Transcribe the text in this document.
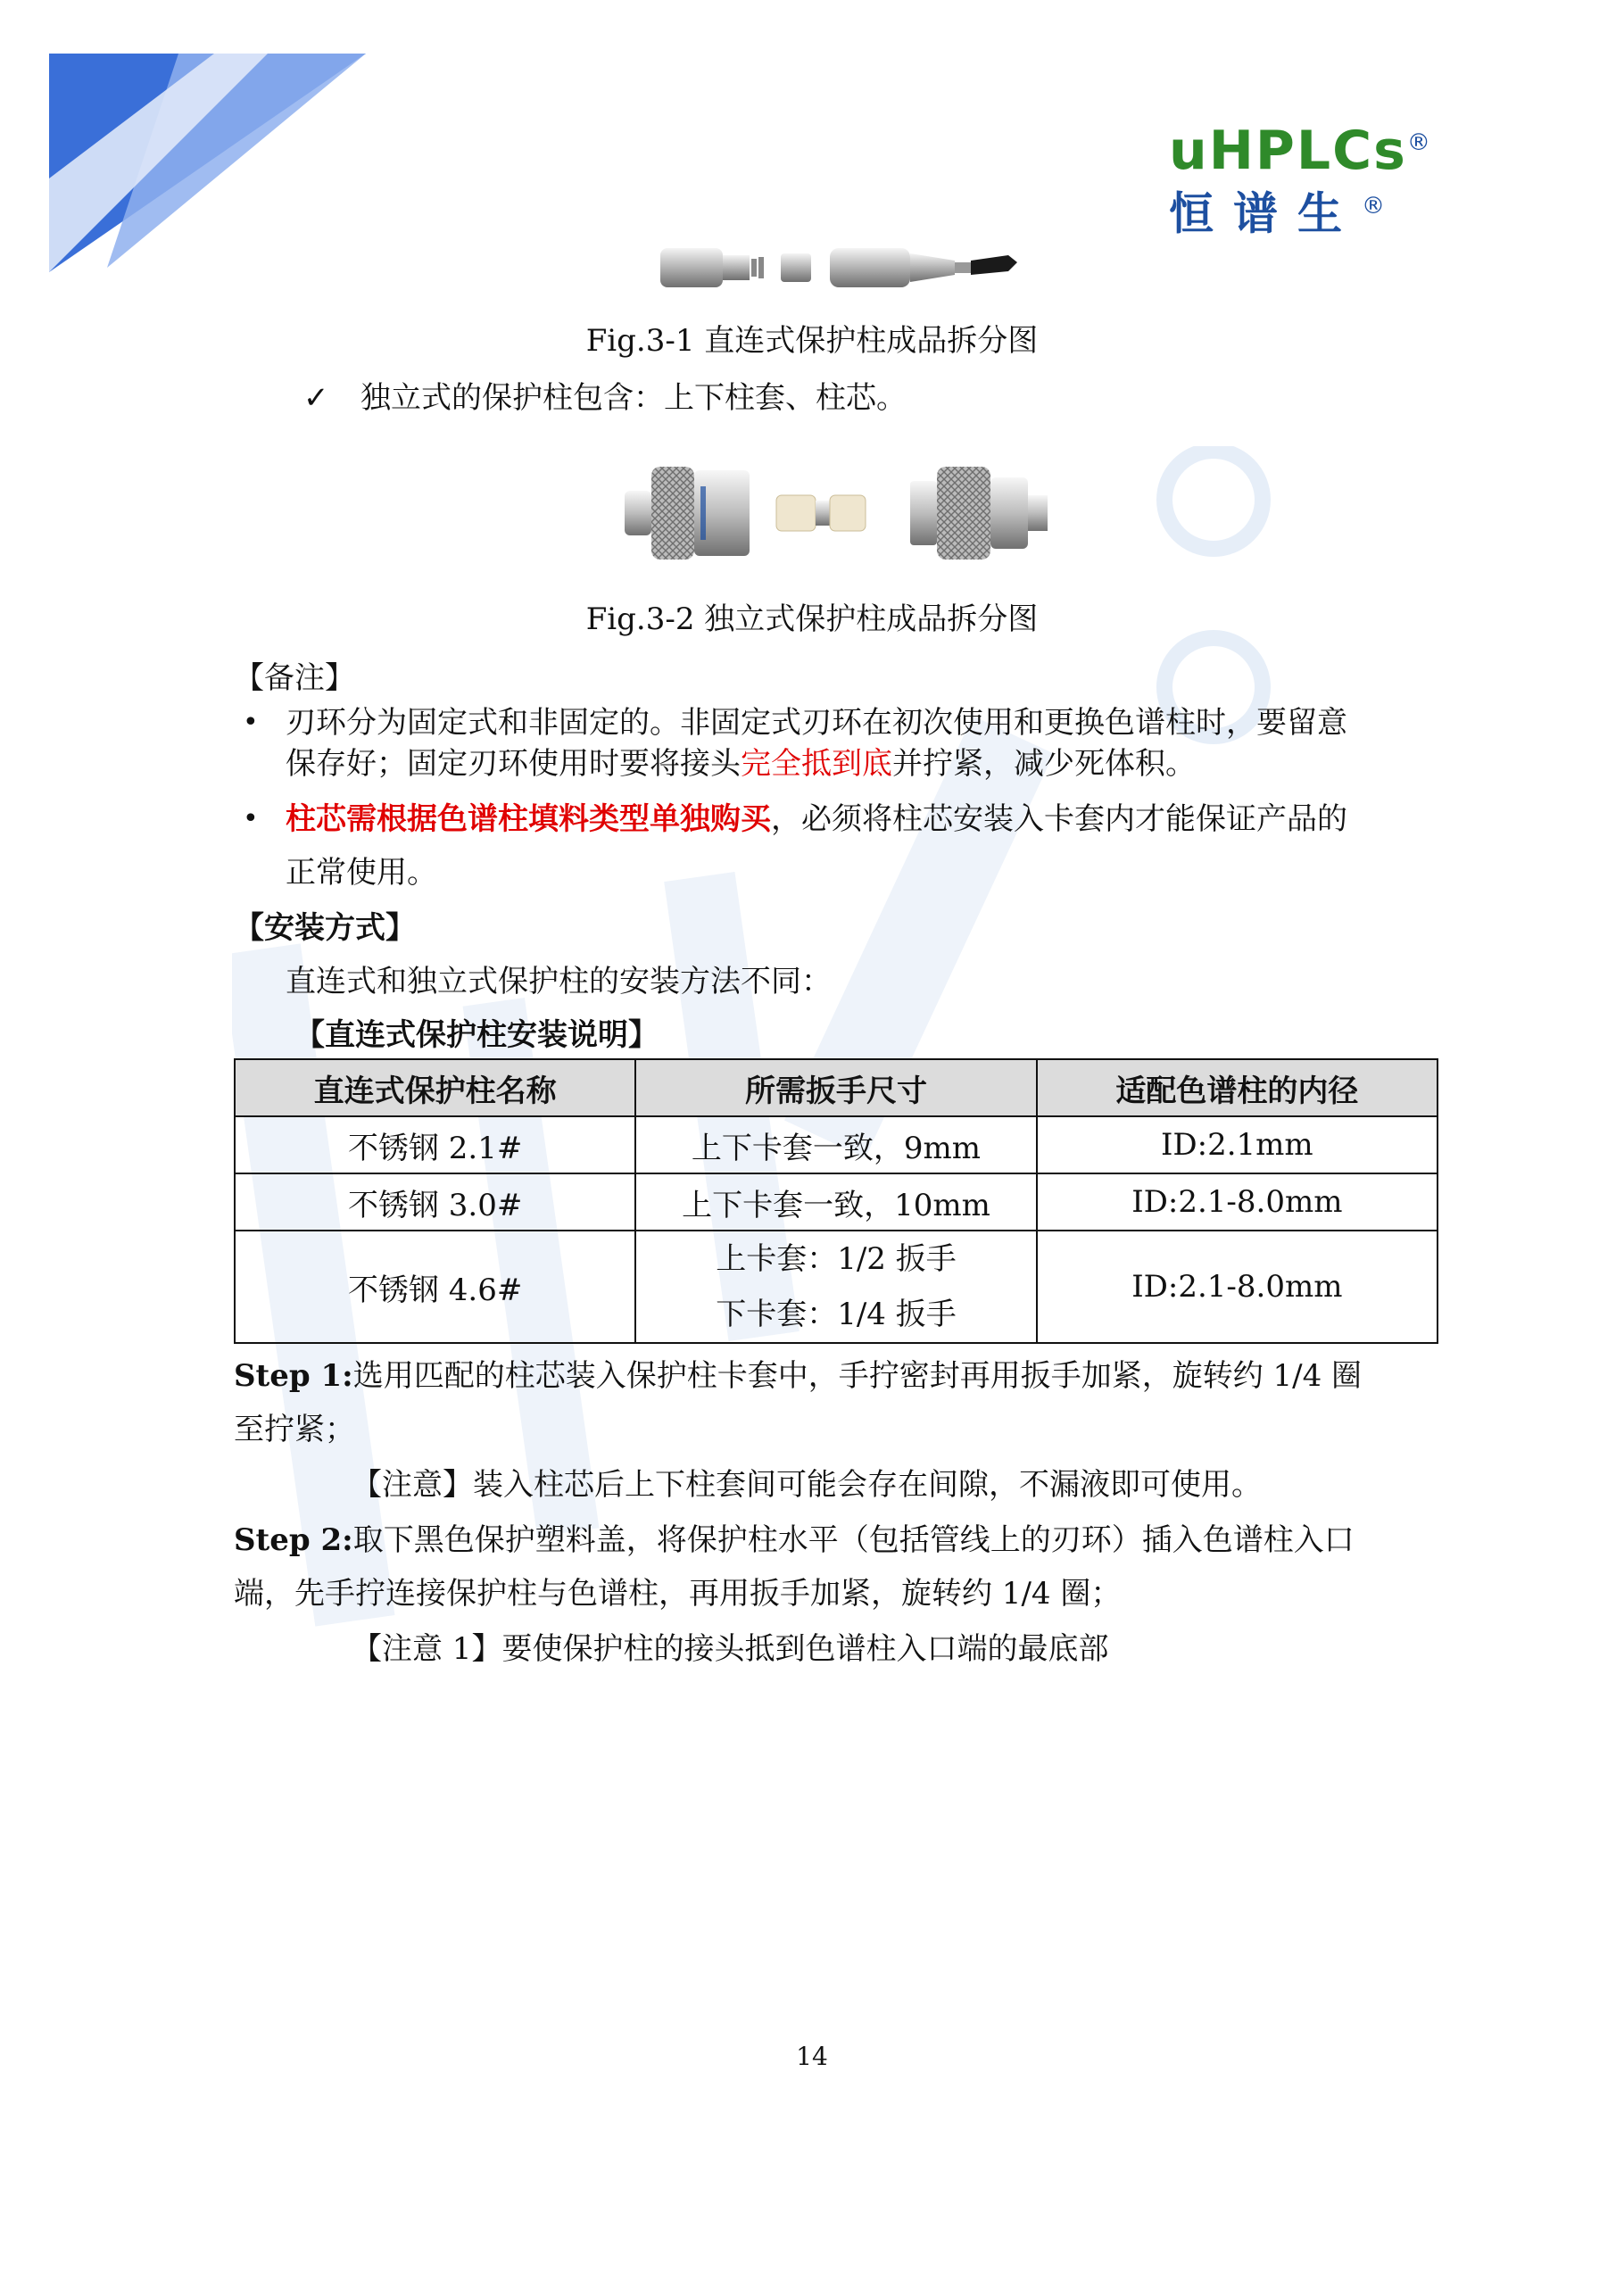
uHPLCs®
恒谱生®
Fig.3-1 直连式保护柱成品拆分图
✓ 独立式的保护柱包含：上下柱套、柱芯。
Fig.3-2 独立式保护柱成品拆分图
【备注】
• 刃环分为固定式和非固定的。非固定式刃环在初次使用和更换色谱柱时，要留意
保存好；固定刃环使用时要将接头完全抵到底并拧紧，减少死体积。
• 柱芯需根据色谱柱填料类型单独购买，必须将柱芯安装入卡套内才能保证产品的
正常使用。
【安装方式】
直连式和独立式保护柱的安装方法不同：
【直连式保护柱安装说明】
直连式保护柱名称	所需扳手尺寸	适配色谱柱的内径
不锈钢 2.1#	上下卡套一致，9mm	ID:2.1mm
不锈钢 3.0#	上下卡套一致，10mm	ID:2.1-8.0mm
不锈钢 4.6#	上卡套：1/2 扳手
下卡套：1/4 扳手	ID:2.1-8.0mm
Step 1:选用匹配的柱芯装入保护柱卡套中，手拧密封再用扳手加紧，旋转约 1/4 圈
至拧紧；
【注意】装入柱芯后上下柱套间可能会存在间隙，不漏液即可使用。
Step 2:取下黑色保护塑料盖，将保护柱水平（包括管线上的刃环）插入色谱柱入口
端，先手拧连接保护柱与色谱柱，再用扳手加紧，旋转约 1/4 圈；
【注意 1】要使保护柱的接头抵到色谱柱入口端的最底部
14
